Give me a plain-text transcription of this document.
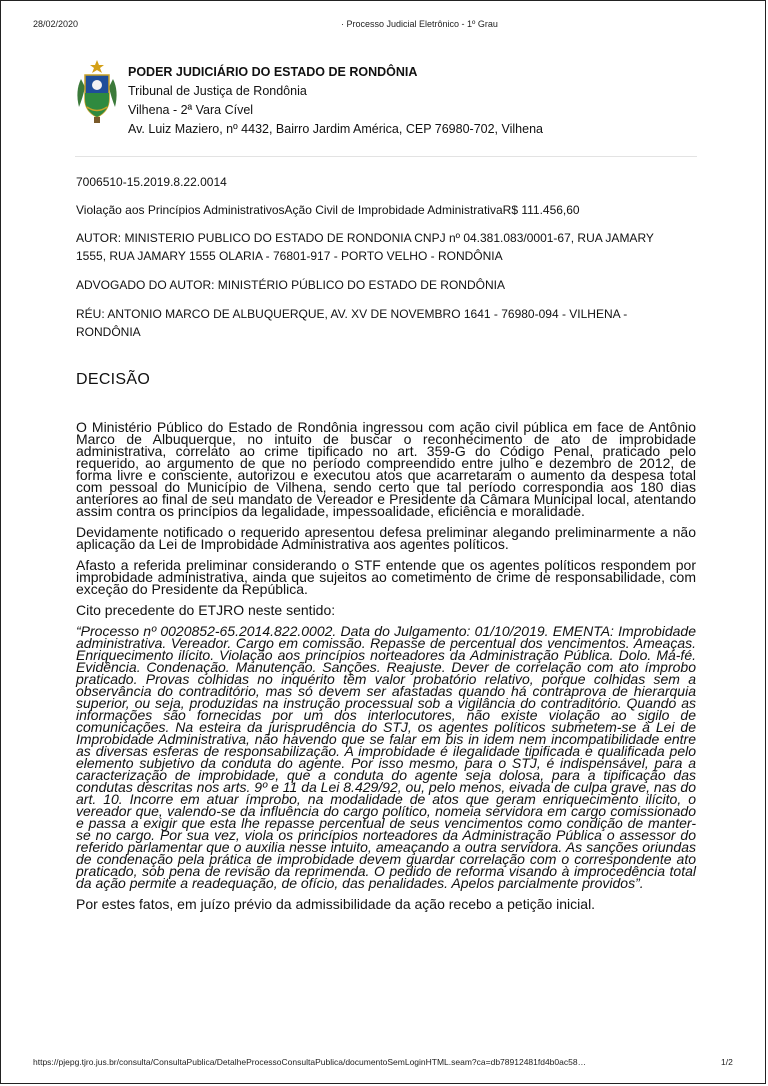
28/02/2020	· Processo Judicial Eletrônico - 1º Grau
PODER JUDICIÁRIO DO ESTADO DE RONDÔNIA
Tribunal de Justiça de Rondônia
Vilhena - 2ª Vara Cível
Av. Luiz Maziero, nº 4432, Bairro Jardim América, CEP 76980-702, Vilhena

7006510-15.2019.8.22.0014

Violação aos Princípios AdministrativosAção Civil de Improbidade AdministrativaR$ 111.456,60

AUTOR: MINISTERIO PUBLICO DO ESTADO DE RONDONIA CNPJ nº 04.381.083/0001-67, RUA JAMARY 1555, RUA JAMARY 1555 OLARIA - 76801-917 - PORTO VELHO - RONDÔNIA

ADVOGADO DO AUTOR: MINISTÉRIO PÚBLICO DO ESTADO DE RONDÔNIA

RÉU: ANTONIO MARCO DE ALBUQUERQUE, AV. XV DE NOVEMBRO 1641 - 76980-094 - VILHENA - RONDÔNIA

DECISÃO

O Ministério Público do Estado de Rondônia ingressou com ação civil pública em face de Antônio Marco de Albuquerque, no intuito de buscar o reconhecimento de ato de improbidade administrativa, correlato ao crime tipificado no art. 359-G do Código Penal, praticado pelo requerido, ao argumento de que no período compreendido entre julho e dezembro de 2012, de forma livre e consciente, autorizou e executou atos que acarretaram o aumento da despesa total com pessoal do Município de Vilhena, sendo certo que tal período correspondia aos 180 dias anteriores ao final de seu mandato de Vereador e Presidente da Câmara Municipal local, atentando assim contra os princípios da legalidade, impessoalidade, eficiência e moralidade.

Devidamente notificado o requerido apresentou defesa preliminar alegando preliminarmente a não aplicação da Lei de Improbidade Administrativa aos agentes políticos.

Afasto a referida preliminar considerando o STF entende que os agentes políticos respondem por improbidade administrativa, ainda que sujeitos ao cometimento de crime de responsabilidade, com exceção do Presidente da República.

Cito precedente do ETJRO neste sentido:

“Processo nº 0020852-65.2014.822.0002. Data do Julgamento: 01/10/2019. EMENTA: Improbidade administrativa. Vereador. Cargo em comissão. Repasse de percentual dos vencimentos. Ameaças. Enriquecimento ilícito. Violação aos princípios norteadores da Administração Pública. Dolo. Má-fé. Evidência. Condenação. Manutenção. Sanções. Reajuste. Dever de correlação com ato ímprobo praticado. Provas colhidas no inquérito têm valor probatório relativo, porque colhidas sem a observância do contraditório, mas só devem ser afastadas quando há contraprova de hierarquia superior, ou seja, produzidas na instrução processual sob a vigilância do contraditório. Quando as informações são fornecidas por um dos interlocutores, não existe violação ao sigilo de comunicações. Na esteira da jurisprudência do STJ, os agentes políticos submetem-se à Lei de Improbidade Administrativa, não havendo que se falar em bis in idem nem incompatibilidade entre as diversas esferas de responsabilização. A improbidade é ilegalidade tipificada e qualificada pelo elemento subjetivo da conduta do agente. Por isso mesmo, para o STJ, é indispensável, para a caracterização de improbidade, que a conduta do agente seja dolosa, para a tipificação das condutas descritas nos arts. 9º e 11 da Lei 8.429/92, ou, pelo menos, eivada de culpa grave, nas do art. 10. Incorre em atuar ímprobo, na modalidade de atos que geram enriquecimento ilícito, o vereador que, valendo-se da influência do cargo político, nomeia servidora em cargo comissionado e passa a exigir que esta lhe repasse percentual de seus vencimentos como condição de manter-se no cargo. Por sua vez, viola os princípios norteadores da Administração Pública o assessor do referido parlamentar que o auxilia nesse intuito, ameaçando a outra servidora. As sanções oriundas de condenação pela prática de improbidade devem guardar correlação com o correspondente ato praticado, sob pena de revisão da reprimenda. O pedido de reforma visando à improcedência total da ação permite a readequação, de ofício, das penalidades. Apelos parcialmente providos”.

Por estes fatos, em juízo prévio da admissibilidade da ação recebo a petição inicial.

https://pjepg.tjro.jus.br/consulta/ConsultaPublica/DetalheProcessoConsultaPublica/documentoSemLoginHTML.seam?ca=db78912481fd4b0ac58…	1/2
